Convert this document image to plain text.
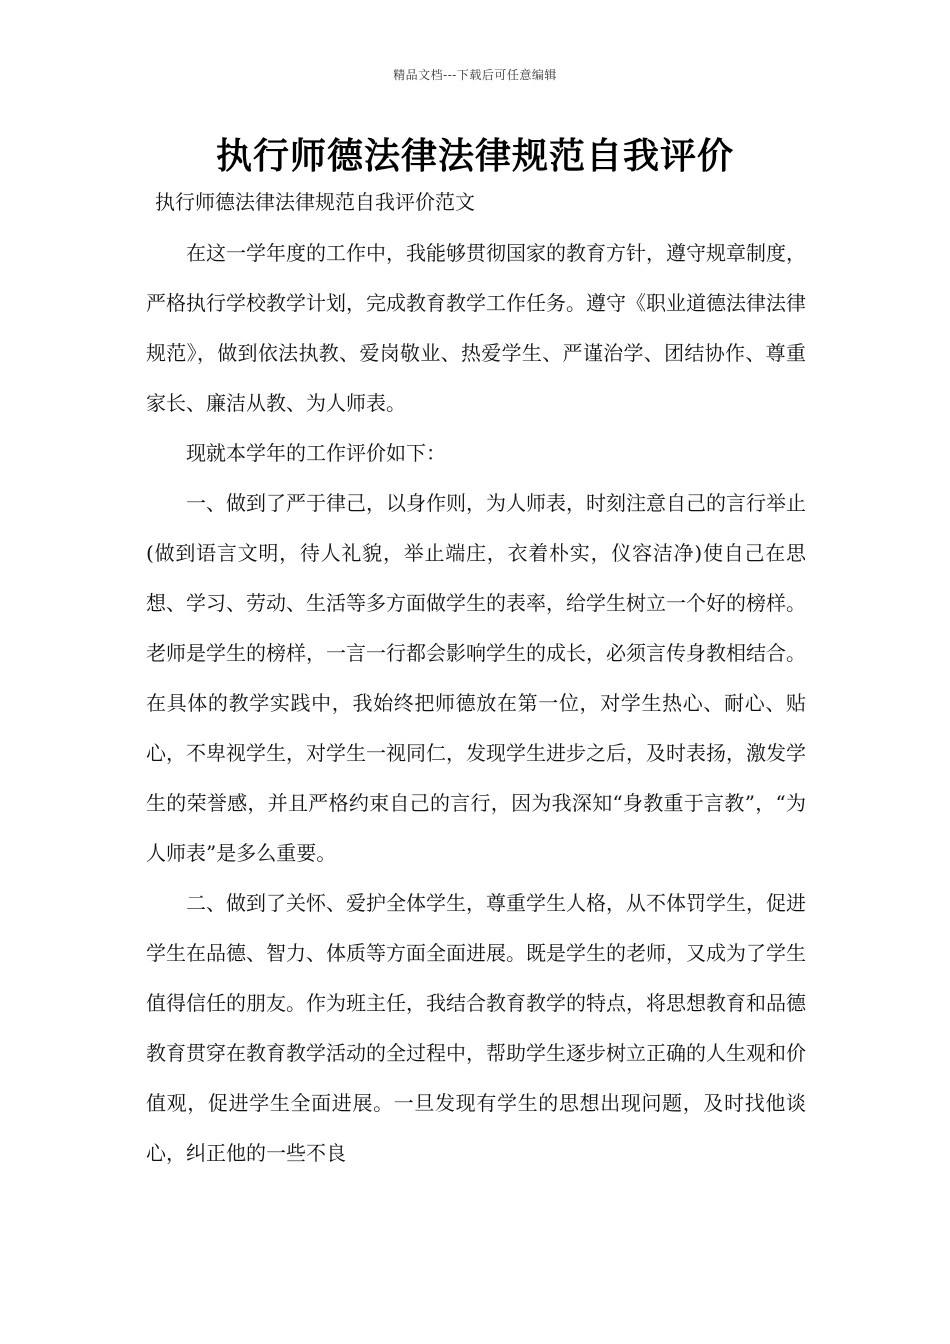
精品文档---下载后可任意编辑
执行师德法律法律规范自我评价
执行师德法律法律规范自我评价范文

在这一学年度的工作中，我能够贯彻国家的教育方针，遵守规章制度，严格执行学校教学计划，完成教育教学工作任务。遵守《职业道德法律法律规范》，做到依法执教、爱岗敬业、热爱学生、严谨治学、团结协作、尊重家长、廉洁从教、为人师表。

现就本学年的工作评价如下：

一、做到了严于律己，以身作则，为人师表，时刻注意自己的言行举止(做到语言文明，待人礼貌，举止端庄，衣着朴实，仪容洁净)使自己在思想、学习、劳动、生活等多方面做学生的表率，给学生树立一个好的榜样。老师是学生的榜样，一言一行都会影响学生的成长，必须言传身教相结合。在具体的教学实践中，我始终把师德放在第一位，对学生热心、耐心、贴心，不卑视学生，对学生一视同仁，发现学生进步之后，及时表扬，激发学生的荣誉感，并且严格约束自己的言行，因为我深知“身教重于言教”，“为人师表”是多么重要。

二、做到了关怀、爱护全体学生，尊重学生人格，从不体罚学生，促进学生在品德、智力、体质等方面全面进展。既是学生的老师，又成为了学生值得信任的朋友。作为班主任，我结合教育教学的特点，将思想教育和品德教育贯穿在教育教学活动的全过程中，帮助学生逐步树立正确的人生观和价值观，促进学生全面进展。一旦发现有学生的思想出现问题，及时找他谈心，纠正他的一些不良
